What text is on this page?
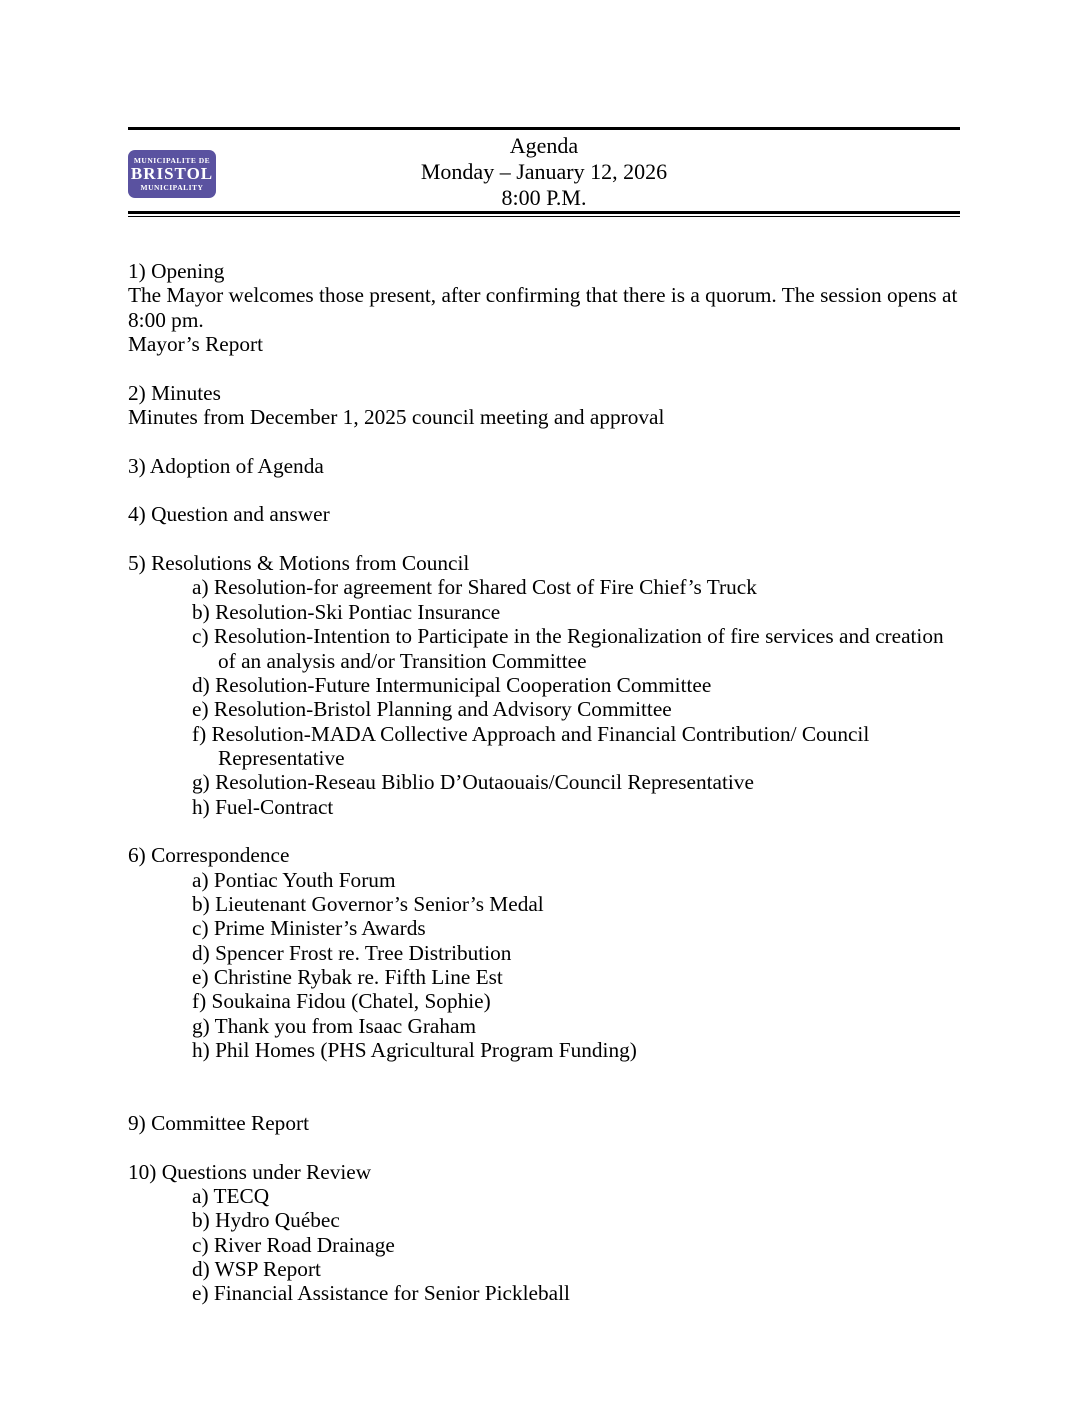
MUNICIPALITE DE
BRISTOL
MUNICIPALITY
Agenda
Monday – January 12, 2026
8:00 P.M.

1) Opening

The Mayor welcomes those present, after confirming that there is a quorum. The session opens at 8:00 pm.

Mayor’s Report

2) Minutes

Minutes from December 1, 2025 council meeting and approval

3) Adoption of Agenda

4) Question and answer

5) Resolutions & Motions from Council

a) Resolution-for agreement for Shared Cost of Fire Chief’s Truck

b) Resolution-Ski Pontiac Insurance

c) Resolution-Intention to Participate in the Regionalization of fire services and creation of an analysis and/or Transition Committee

d) Resolution-Future Intermunicipal Cooperation Committee

e) Resolution-Bristol Planning and Advisory Committee

f) Resolution-MADA Collective Approach and Financial Contribution/ Council Representative

g) Resolution-Reseau Biblio D’Outaouais/Council Representative

h) Fuel-Contract

6) Correspondence

a) Pontiac Youth Forum

b) Lieutenant Governor’s Senior’s Medal

c) Prime Minister’s Awards

d) Spencer Frost re. Tree Distribution

e) Christine Rybak re. Fifth Line Est

f) Soukaina Fidou (Chatel, Sophie)

g) Thank you from Isaac Graham

h) Phil Homes (PHS Agricultural Program Funding)

9) Committee Report

10) Questions under Review

a) TECQ

b) Hydro Québec

c) River Road Drainage

d) WSP Report

e) Financial Assistance for Senior Pickleball
